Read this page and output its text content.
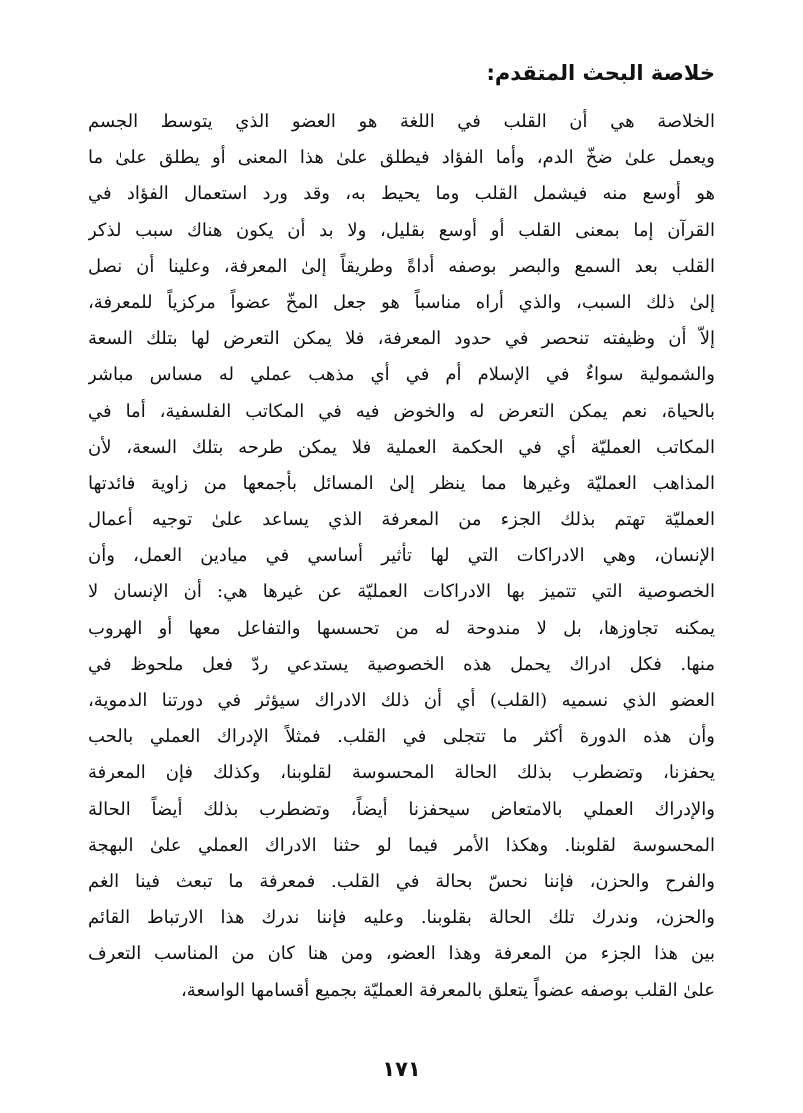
خلاصة البحث المتقدم:
الخلاصة هي أن القلب في اللغة هو العضو الذي يتوسط الجسم
ويعمل علىٰ ضخّ الدم، وأما الفؤاد فيطلق علىٰ هذا المعنى أو يطلق علىٰ ما
هو أوسع منه فيشمل القلب وما يحيط به، وقد ورد استعمال الفؤاد في
القرآن إما بمعنى القلب أو أوسع بقليل، ولا بد أن يكون هناك سبب لذكر
القلب بعد السمع والبصر بوصفه أداةً وطريقاً إلىٰ المعرفة، وعلينا أن نصل
إلىٰ ذلك السبب، والذي أراه مناسباً هو جعل المخّ عضواً مركزياً للمعرفة،
إلاّ أن وظيفته تنحصر في حدود المعرفة، فلا يمكن التعرض لها بتلك السعة
والشمولية سواءٌ في الإسلام أم في أي مذهب عملي له مساس مباشر
بالحياة، نعم يمكن التعرض له والخوض فيه في المكاتب الفلسفية، أما في
المكاتب العمليّة أي في الحكمة العملية فلا يمكن طرحه بتلك السعة، لأن
المذاهب العمليّة وغيرها مما ينظر إلىٰ المسائل بأجمعها من زاوية فائدتها
العمليّة تهتم بذلك الجزء من المعرفة الذي يساعد علىٰ توجيه أعمال
الإنسان، وهي الادراكات التي لها تأثير أساسي في ميادين العمل، وأن
الخصوصية التي تتميز بها الادراكات العمليّة عن غيرها هي: أن الإنسان لا
يمكنه تجاوزها، بل لا مندوحة له من تحسسها والتفاعل معها أو الهروب
منها. فكل ادراك يحمل هذه الخصوصية يستدعي ردّ فعل ملحوظ في
العضو الذي نسميه (القلب) أي أن ذلك الادراك سيؤثر في دورتنا الدموية،
وأن هذه الدورة أكثر ما تتجلى في القلب. فمثلاً الإدراك العملي بالحب
يحفزنا، وتضطرب بذلك الحالة المحسوسة لقلوبنا، وكذلك فإن المعرفة
والإدراك العملي بالامتعاض سيحفزنا أيضاً، وتضطرب بذلك أيضاً الحالة
المحسوسة لقلوبنا. وهكذا الأمر فيما لو حثنا الادراك العملي علىٰ البهجة
والفرح والحزن، فإننا نحسّ بحالة في القلب. فمعرفة ما تبعث فينا الغم
والحزن، وندرك تلك الحالة بقلوبنا. وعليه فإننا ندرك هذا الارتباط القائم
بين هذا الجزء من المعرفة وهذا العضو، ومن هنا كان من المناسب التعرف
علىٰ القلب بوصفه عضواً يتعلق بالمعرفة العمليّة بجميع أقسامها الواسعة،
١٧١
